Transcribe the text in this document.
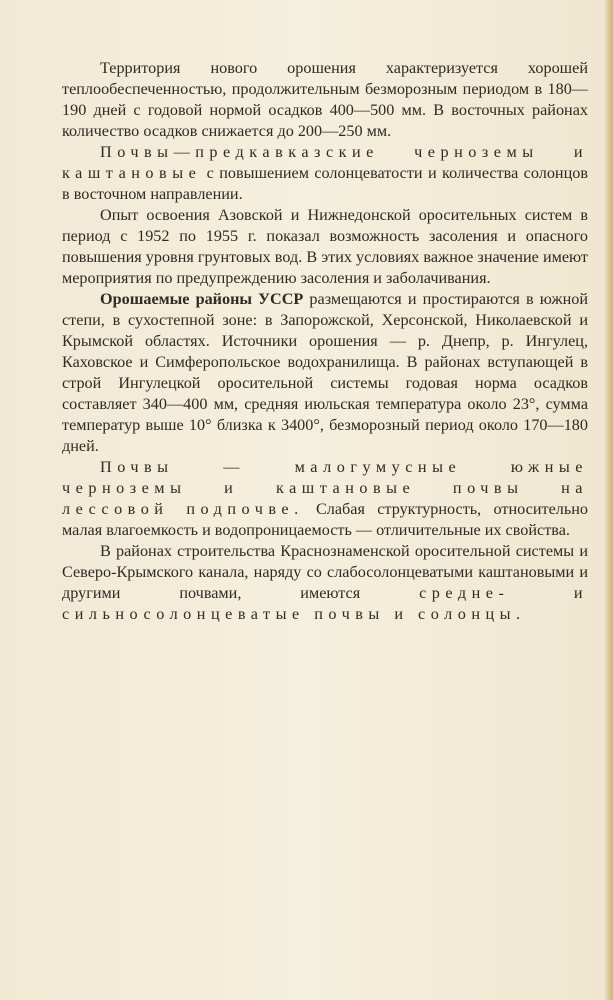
Территория нового орошения характеризуется хорошей теплообеспеченностью, продолжительным безморозным периодом в 180—190 дней с годовой нормой осадков 400—500 мм. В восточных районах количество осадков снижается до 200—250 мм.

Почвы—предкавказские черноземы и каштановые с повышением солонцеватости и количества солонцов в восточном направлении.

Опыт освоения Азовской и Нижнедонской оросительных систем в период с 1952 по 1955 г. показал возможность засоления и опасного повышения уровня грунтовых вод. В этих условиях важное значение имеют мероприятия по предупреждению засоления и заболачивания.

Орошаемые районы УССР размещаются и простираются в южной степи, в сухостепной зоне: в Запорожской, Херсонской, Николаевской и Крымской областях. Источники орошения — р. Днепр, р. Ингулец, Каховское и Симферопольское водохранилища. В районах вступающей в строй Ингулецкой оросительной системы годовая норма осадков составляет 340—400 мм, средняя июльская температура около 23°, сумма температур выше 10° близка к 3400°, безморозный период около 170—180 дней.

Почвы — малогумусные южные черноземы и каштановые почвы на лессовой подпочве. Слабая структурность, относительно малая влагоемкость и водопроницаемость — отличительные их свойства.

В районах строительства Краснознаменской оросительной системы и Северо-Крымского канала, наряду со слабосолонцеватыми каштановыми и другими почвами, имеются средне- и сильносолонцеватые почвы и солонцы.
